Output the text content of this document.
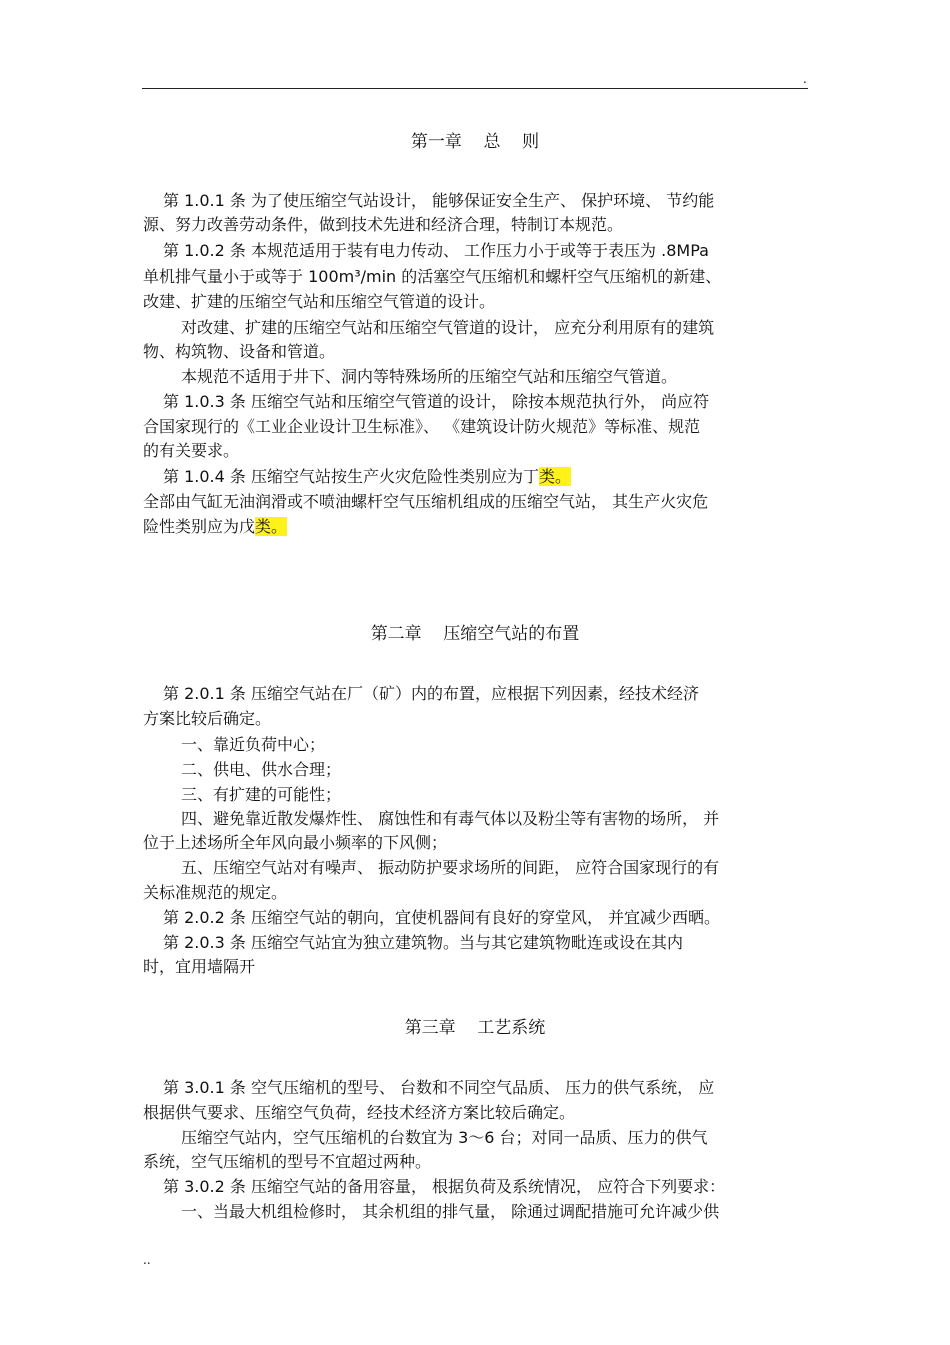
.
第一章    总    则
第 1.0.1 条 为了使压缩空气站设计， 能够保证安全生产、 保护环境、 节约能
源、努力改善劳动条件，做到技术先进和经济合理，特制订本规范。
第 1.0.2 条 本规范适用于装有电力传动、 工作压力小于或等于表压为 .8MPa
单机排气量小于或等于 100m³/min 的活塞空气压缩机和螺杆空气压缩机的新建、
改建、扩建的压缩空气站和压缩空气管道的设计。
对改建、扩建的压缩空气站和压缩空气管道的设计， 应充分利用原有的建筑
物、构筑物、设备和管道。
本规范不适用于井下、洞内等特殊场所的压缩空气站和压缩空气管道。
第 1.0.3 条 压缩空气站和压缩空气管道的设计， 除按本规范执行外， 尚应符
合国家现行的《工业企业设计卫生标准》、 《建筑设计防火规范》等标准、规范
的有关要求。
第 1.0.4 条 压缩空气站按生产火灾危险性类别应为丁类。
全部由气缸无油润滑或不喷油螺杆空气压缩机组成的压缩空气站， 其生产火灾危
险性类别应为戊类。
第二章    压缩空气站的布置
第 2.0.1 条 压缩空气站在厂（矿）内的布置，应根据下列因素，经技术经济
方案比较后确定。
一、靠近负荷中心；
二、供电、供水合理；
三、有扩建的可能性；
四、避免靠近散发爆炸性、 腐蚀性和有毒气体以及粉尘等有害物的场所， 并
位于上述场所全年风向最小频率的下风侧；
五、压缩空气站对有噪声、 振动防护要求场所的间距， 应符合国家现行的有
关标准规范的规定。
第 2.0.2 条 压缩空气站的朝向，宜使机器间有良好的穿堂风， 并宜减少西晒。
第 2.0.3 条 压缩空气站宜为独立建筑物。当与其它建筑物毗连或设在其内
时，宜用墙隔开
第三章    工艺系统
第 3.0.1 条 空气压缩机的型号、 台数和不同空气品质、 压力的供气系统， 应
根据供气要求、压缩空气负荷，经技术经济方案比较后确定。
压缩空气站内，空气压缩机的台数宜为 3～6 台；对同一品质、压力的供气
系统，空气压缩机的型号不宜超过两种。
第 3.0.2 条 压缩空气站的备用容量， 根据负荷及系统情况， 应符合下列要求：
一、当最大机组检修时， 其余机组的排气量， 除通过调配措施可允许减少供
..
